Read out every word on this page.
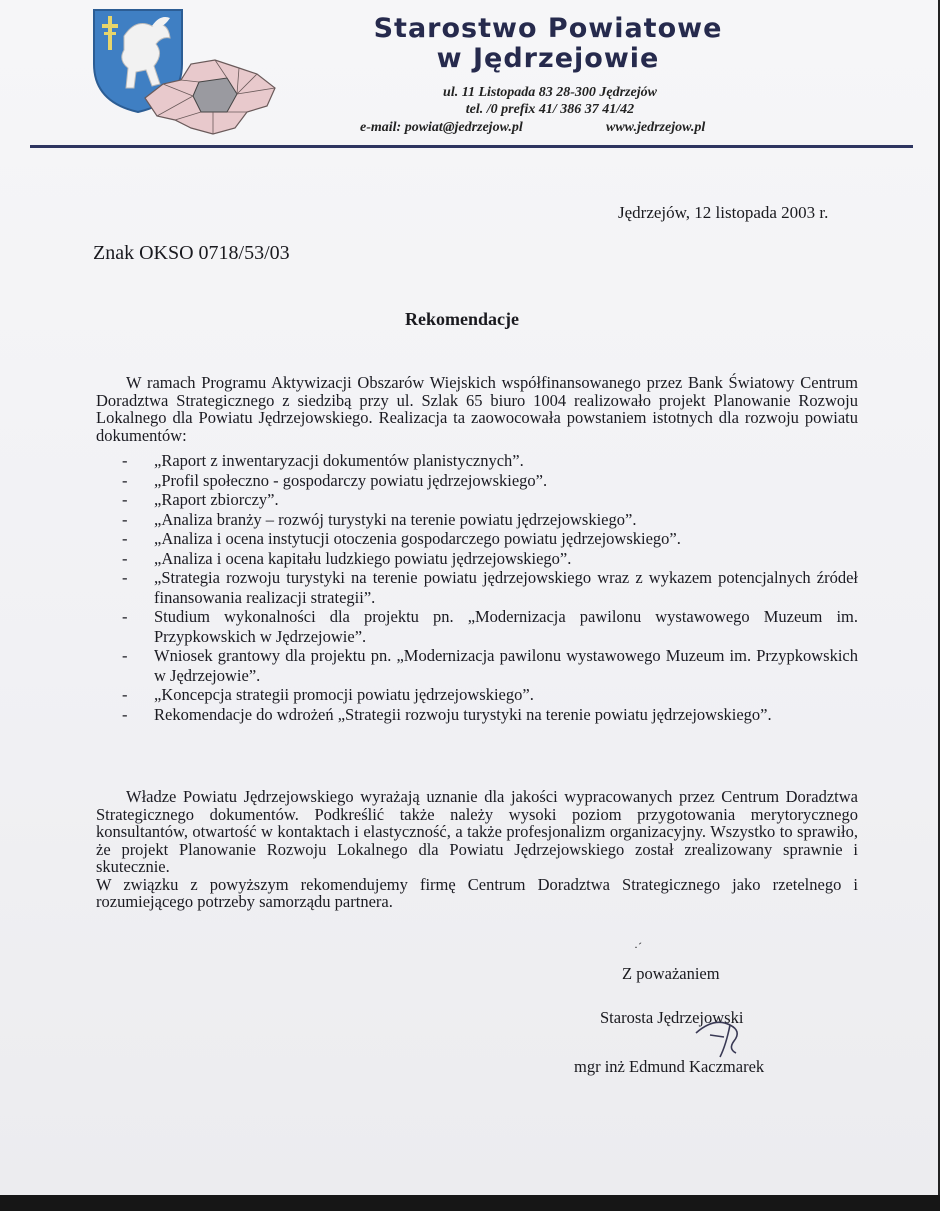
Starostwo Powiatowe
w Jędrzejowie
ul. 11 Listopada 83 28-300 Jędrzejów
tel. /0 prefix 41/ 386 37 41/42
e-mail: powiat@jedrzejow.pl	www.jedrzejow.pl
Jędrzejów, 12 listopada 2003 r.
Znak OKSO 0718/53/03
Rekomendacje
W ramach Programu Aktywizacji Obszarów Wiejskich współfinansowanego przez Bank Światowy Centrum Doradztwa Strategicznego z siedzibą przy ul. Szlak 65 biuro 1004 realizowało projekt Planowanie Rozwoju Lokalnego dla Powiatu Jędrzejowskiego. Realizacja ta zaowocowała powstaniem istotnych dla rozwoju powiatu dokumentów:
- „Raport z inwentaryzacji dokumentów planistycznych”.
- „Profil społeczno - gospodarczy powiatu jędrzejowskiego”.
- „Raport zbiorczy”.
- „Analiza branży – rozwój turystyki na terenie powiatu jędrzejowskiego”.
- „Analiza i ocena instytucji otoczenia gospodarczego powiatu jędrzejowskiego”.
- „Analiza i ocena kapitału ludzkiego powiatu jędrzejowskiego”.
- „Strategia rozwoju turystyki na terenie powiatu jędrzejowskiego wraz z wykazem potencjalnych źródeł finansowania realizacji strategii”.
- Studium wykonalności dla projektu pn. „Modernizacja pawilonu wystawowego Muzeum im. Przypkowskich w Jędrzejowie”.
- Wniosek grantowy dla projektu pn. „Modernizacja pawilonu wystawowego Muzeum im. Przypkowskich w Jędrzejowie”.
- „Koncepcja strategii promocji powiatu jędrzejowskiego”.
- Rekomendacje do wdrożeń „Strategii rozwoju turystyki na terenie powiatu jędrzejowskiego”.
Władze Powiatu Jędrzejowskiego wyrażają uznanie dla jakości wypracowanych przez Centrum Doradztwa Strategicznego dokumentów. Podkreślić także należy wysoki poziom przygotowania merytorycznego konsultantów, otwartość w kontaktach i elastyczność, a także profesjonalizm organizacyjny. Wszystko to sprawiło, że projekt Planowanie Rozwoju Lokalnego dla Powiatu Jędrzejowskiego został zrealizowany sprawnie i skutecznie.
W związku z powyższym rekomendujemy firmę Centrum Doradztwa Strategicznego jako rzetelnego i rozumiejącego potrzeby samorządu partnera.
·ˊ
Z poważaniem
Starosta Jędrzejowski
mgr inż Edmund Kaczmarek
